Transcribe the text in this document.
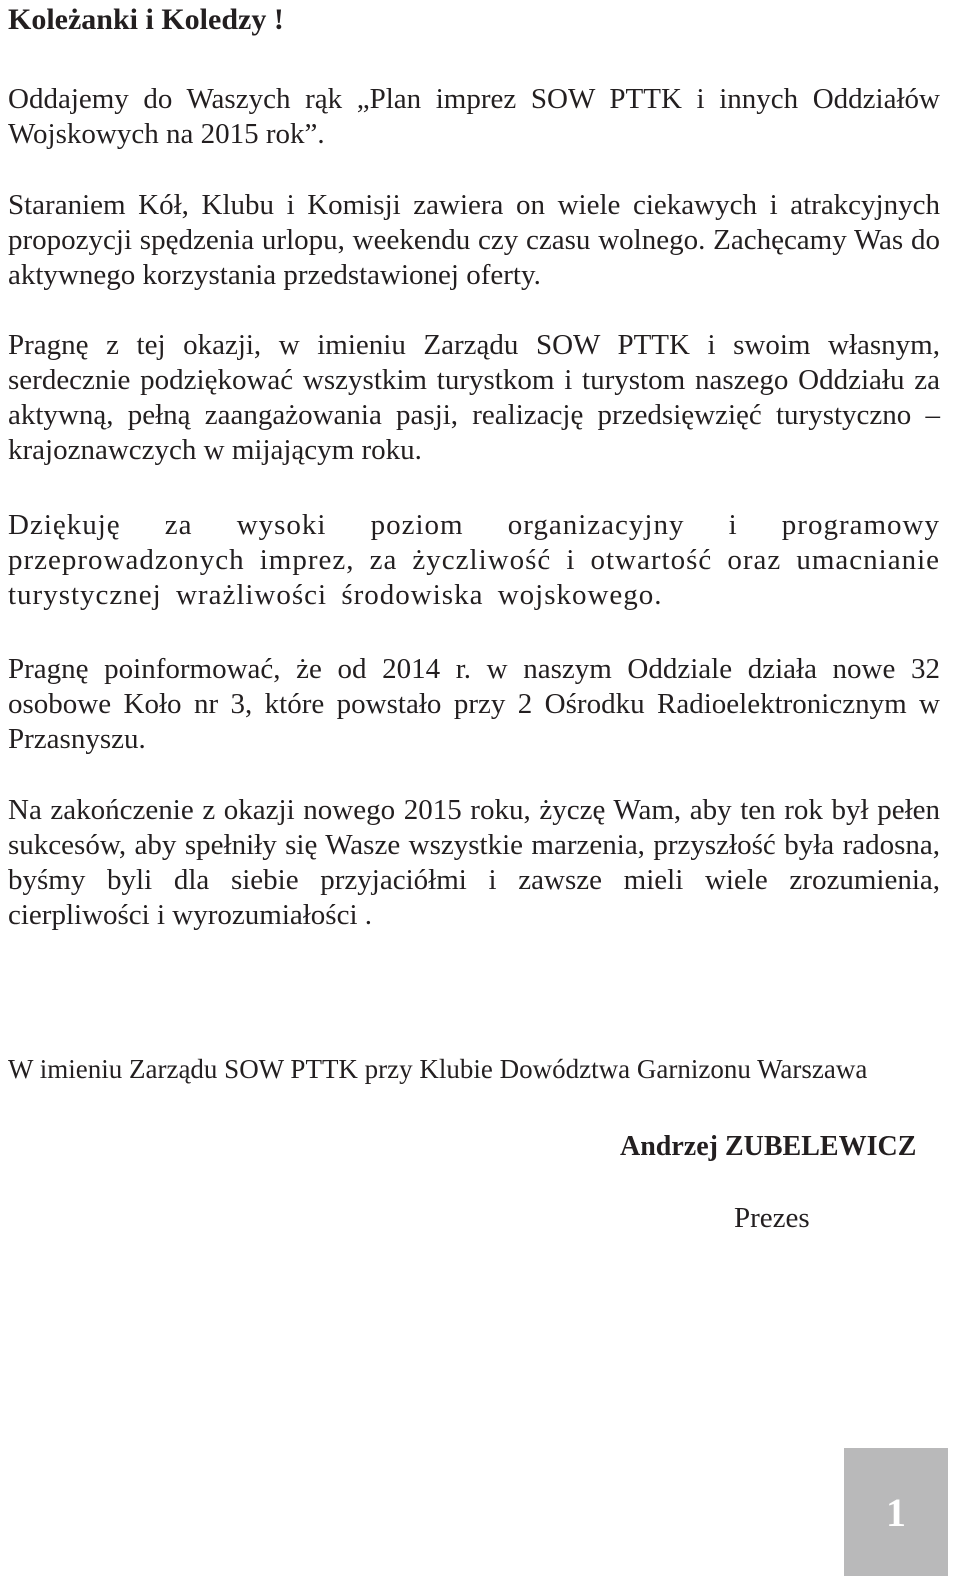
Koleżanki i Koledzy !

Oddajemy do Waszych rąk „Plan imprez SOW PTTK i innych Oddziałów Wojskowych na 2015 rok”.

Staraniem Kół, Klubu i Komisji zawiera on wiele ciekawych i atrakcyjnych propozycji spędzenia urlopu, weekendu czy czasu wolnego. Zachęcamy Was do aktywnego korzystania przedstawionej oferty.

Pragnę z tej okazji, w imieniu Zarządu SOW PTTK i swoim własnym, serdecznie podziękować wszystkim turystkom i turystom naszego Oddziału za aktywną, pełną zaangażowania pasji, realizację przedsięwzięć turystyczno – krajoznawczych w mijającym roku.

Dziękuję za wysoki poziom organizacyjny i programowy przeprowadzonych imprez, za życzliwość i otwartość oraz umacnianie turystycznej wrażliwości środowiska wojskowego.

Pragnę poinformować, że od 2014 r. w naszym Oddziale działa nowe 32 osobowe Koło nr 3, które powstało przy 2 Ośrodku Radioelektronicznym w Przasnyszu.

Na zakończenie z okazji nowego 2015 roku, życzę Wam, aby ten rok był pełen sukcesów, aby spełniły się Wasze wszystkie marzenia, przyszłość była radosna, byśmy byli dla siebie przyjaciółmi i zawsze mieli wiele zrozumienia, cierpliwości i wyrozumiałości .

W imieniu Zarządu SOW PTTK przy Klubie Dowództwa Garnizonu Warszawa

Andrzej ZUBELEWICZ

Prezes

1
